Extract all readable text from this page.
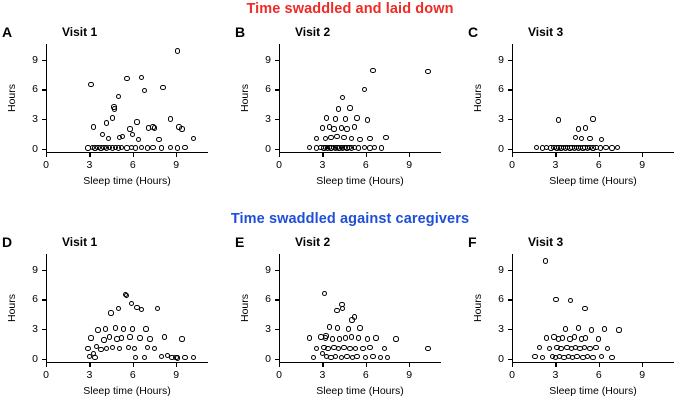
Time swaddled and laid down
Time swaddled against caregivers
A	Visit 1
0	3	6	9
0
3
6
9
Sleep time (Hours)
Hours
B	Visit 2
0	3	6	9
0
3
6
9
Sleep time (Hours)
Hours
C	Visit 3
0	3	6	9
0
3
6
9
Sleep time (Hours)
Hours
D	Visit 1
0	3	6	9
0
3
6
9
Sleep time (Hours)
Hours
E	Visit 2
0	3	6	9
0
3
6
9
Sleep time (Hours)
Hours
F	Visit 3
0	3	6	9
0
3
6
9
Sleep time (Hours)
Hours
